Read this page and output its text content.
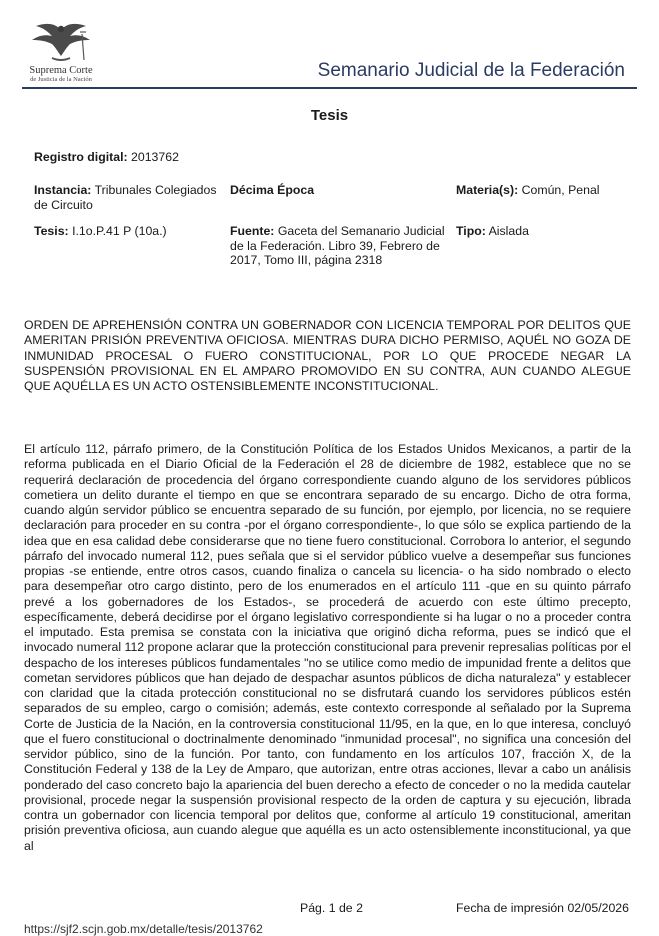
Suprema Corte
de Justicia de la Nación	Semanario Judicial de la Federación
Tesis
Registro digital: 2013762
Instancia: Tribunales Colegiados de Circuito
Décima Época	Materia(s): Común, Penal
Tesis: I.1o.P.41 P (10a.)	Fuente: Gaceta del Semanario Judicial de la Federación. Libro 39, Febrero de 2017, Tomo III, página 2318
Tipo: Aislada
ORDEN DE APREHENSIÓN CONTRA UN GOBERNADOR CON LICENCIA TEMPORAL POR DELITOS QUE AMERITAN PRISIÓN PREVENTIVA OFICIOSA. MIENTRAS DURA DICHO PERMISO, AQUÉL NO GOZA DE INMUNIDAD PROCESAL O FUERO CONSTITUCIONAL, POR LO QUE PROCEDE NEGAR LA SUSPENSIÓN PROVISIONAL EN EL AMPARO PROMOVIDO EN SU CONTRA, AUN CUANDO ALEGUE QUE AQUÉLLA ES UN ACTO OSTENSIBLEMENTE INCONSTITUCIONAL.
El artículo 112, párrafo primero, de la Constitución Política de los Estados Unidos Mexicanos, a partir de la reforma publicada en el Diario Oficial de la Federación el 28 de diciembre de 1982, establece que no se requerirá declaración de procedencia del órgano correspondiente cuando alguno de los servidores públicos cometiera un delito durante el tiempo en que se encontrara separado de su encargo. Dicho de otra forma, cuando algún servidor público se encuentra separado de su función, por ejemplo, por licencia, no se requiere declaración para proceder en su contra -por el órgano correspondiente-, lo que sólo se explica partiendo de la idea que en esa calidad debe considerarse que no tiene fuero constitucional. Corrobora lo anterior, el segundo párrafo del invocado numeral 112, pues señala que si el servidor público vuelve a desempeñar sus funciones propias -se entiende, entre otros casos, cuando finaliza o cancela su licencia- o ha sido nombrado o electo para desempeñar otro cargo distinto, pero de los enumerados en el artículo 111 -que en su quinto párrafo prevé a los gobernadores de los Estados-, se procederá de acuerdo con este último precepto, específicamente, deberá decidirse por el órgano legislativo correspondiente si ha lugar o no a proceder contra el imputado. Esta premisa se constata con la iniciativa que originó dicha reforma, pues se indicó que el invocado numeral 112 propone aclarar que la protección constitucional para prevenir represalias políticas por el despacho de los intereses públicos fundamentales "no se utilice como medio de impunidad frente a delitos que cometan servidores públicos que han dejado de despachar asuntos públicos de dicha naturaleza" y establecer con claridad que la citada protección constitucional no se disfrutará cuando los servidores públicos estén separados de su empleo, cargo o comisión; además, este contexto corresponde al señalado por la Suprema Corte de Justicia de la Nación, en la controversia constitucional 11/95, en la que, en lo que interesa, concluyó que el fuero constitucional o doctrinalmente denominado "inmunidad procesal", no significa una concesión del servidor público, sino de la función. Por tanto, con fundamento en los artículos 107, fracción X, de la Constitución Federal y 138 de la Ley de Amparo, que autorizan, entre otras acciones, llevar a cabo un análisis ponderado del caso concreto bajo la apariencia del buen derecho a efecto de conceder o no la medida cautelar provisional, procede negar la suspensión provisional respecto de la orden de captura y su ejecución, librada contra un gobernador con licencia temporal por delitos que, conforme al artículo 19 constitucional, ameritan prisión preventiva oficiosa, aun cuando alegue que aquélla es un acto ostensiblemente inconstitucional, ya que al
Pág. 1 de 2	Fecha de impresión 02/05/2026
https://sjf2.scjn.gob.mx/detalle/tesis/2013762
